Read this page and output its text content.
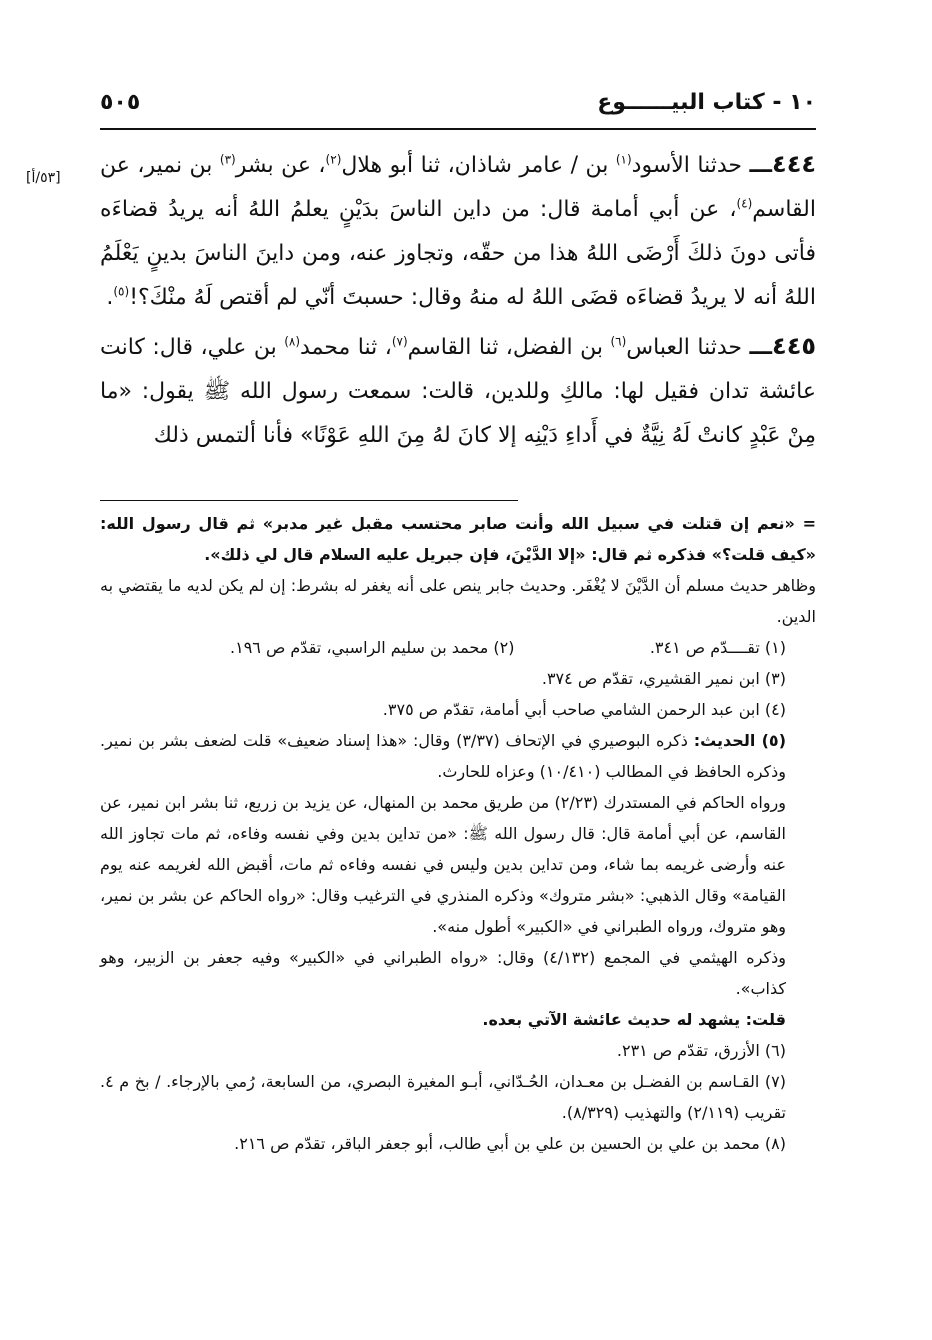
١٠ - كتاب البيــــــوع
٥٠٥
[٥٣/أ]	٤٤٤ـــ حدثنا الأسود$^{(١)}$ بن / عامر شاذان، ثنا أبو هلال$^{(٢)}$، عن بشر$^{(٣)}$ بن نمير، عن القاسم$^{(٤)}$، عن أبي أمامة قال: من داين الناسَ بدَيْنٍ يعلمُ اللهُ أنه يريدُ قضاءَه فأتى دونَ ذلكَ أَرْضَى اللهُ هذا من حقّه، وتجاوز عنه، ومن داينَ الناسَ بدينٍ يَعْلَمُ اللهُ أنه لا يريدُ قضاءَه قضَى اللهُ له منهُ وقال: حسبتَ أنّي لم أقتص لَهُ منْكَ؟!$^{(٥)}$.

٤٤٥ـــ حدثنا العباس$^{(٦)}$ بن الفضل، ثنا القاسم$^{(٧)}$، ثنا محمد$^{(٨)}$ بن علي، قال: كانت عائشة تدان فقيل لها: مالكِ وللدين، قالت: سمعت رسول الله ﷺ يقول: «ما مِنْ عَبْدٍ كانتْ لَهُ نِيَّةٌ في أَداءِ دَيْنِه إلا كانَ لهُ مِنَ اللهِ عَوْنًا» فأنا ألتمس ذلك

= «نعم إن قتلت في سبيل الله وأنت صابر محتسب مقبل غير مدبر» ثم قال رسول الله: «كيف قلت؟» فذكره ثم قال: «إلا الدَّيْنَ، فإن جبريل عليه السلام قال لي ذلك».

وظاهر حديث مسلم أن الدَّيْنَ لا يُغْفَر. وحديث جابر ينص على أنه يغفر له بشرط: إن لم يكن لديه ما يقتضي به الدين.

(١) تقــــدّم ص ٣٤١.
(٢) محمد بن سليم الراسبي، تقدّم ص ١٩٦.

(٣) ابن نمير القشيري، تقدّم ص ٣٧٤.

(٤) ابن عبد الرحمن الشامي صاحب أبي أمامة، تقدّم ص ٣٧٥.

(٥) الحديث: ذكره البوصيري في الإتحاف (٣/٣٧) وقال: «هذا إسناد ضعيف» قلت لضعف بشر بن نمير. وذكره الحافظ في المطالب (١٠/٤١٠) وعزاه للحارث.

ورواه الحاكم في المستدرك (٢/٢٣) من طريق محمد بن المنهال، عن يزيد بن زريع، ثنا بشر ابن نمير، عن القاسم، عن أبي أمامة قال: قال رسول الله ﷺ: «من تداين بدين وفي نفسه وفاءه، ثم مات تجاوز الله عنه وأرضى غريمه بما شاء، ومن تداين بدين وليس في نفسه وفاءه ثم مات، أقبض الله لغريمه عنه يوم القيامة» وقال الذهبي: «بشر متروك» وذكره المنذري في الترغيب وقال: «رواه الحاكم عن بشر بن نمير، وهو متروك، ورواه الطبراني في «الكبير» أطول منه».

وذكره الهيثمي في المجمع (٤/١٣٢) وقال: «رواه الطبراني في «الكبير» وفيه جعفر بن الزبير، وهو كذاب».

قلت: يشهد له حديث عائشة الآتي بعده.

(٦) الأزرق، تقدّم ص ٢٣١.

(٧) القـاسم بن الفضـل بن معـدان، الحُـدّاني، أبـو المغيرة البصري، من السابعة، رُمي بالإرجاء. / بخ م ٤. تقريب (٢/١١٩) والتهذيب (٨/٣٢٩).

(٨) محمد بن علي بن الحسين بن علي بن أبي طالب، أبو جعفر الباقر، تقدّم ص ٢١٦.
